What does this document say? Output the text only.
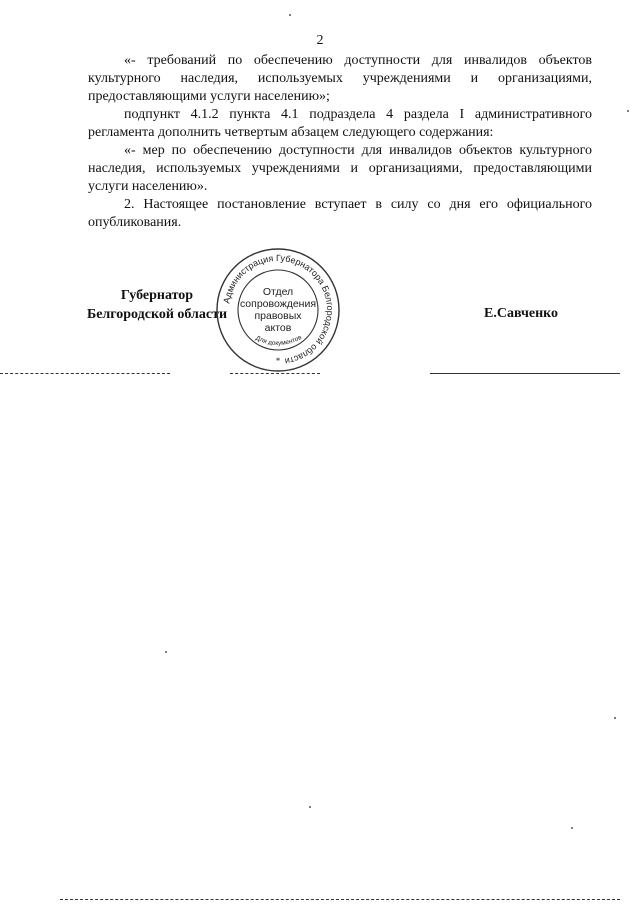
2

«- требований по обеспечению доступности для инвалидов объектов культурного наследия, используемых учреждениями и организациями, предоставляющими услуги населению»;

подпункт 4.1.2 пункта 4.1 подраздела 4 раздела I административного регламента дополнить четвертым абзацем следующего содержания:

«- мер по обеспечению доступности для инвалидов объектов культурного наследия, используемых учреждениями и организациями, предоставляющими услуги населению».

2. Настоящее постановление вступает в силу со дня его официального опубликования.

Губернатор
Белгородской области	Е.Савченко
Администрация Губернатора Белгородской области
Для документов
*
Отдел
сопровождения
правовых
актов
